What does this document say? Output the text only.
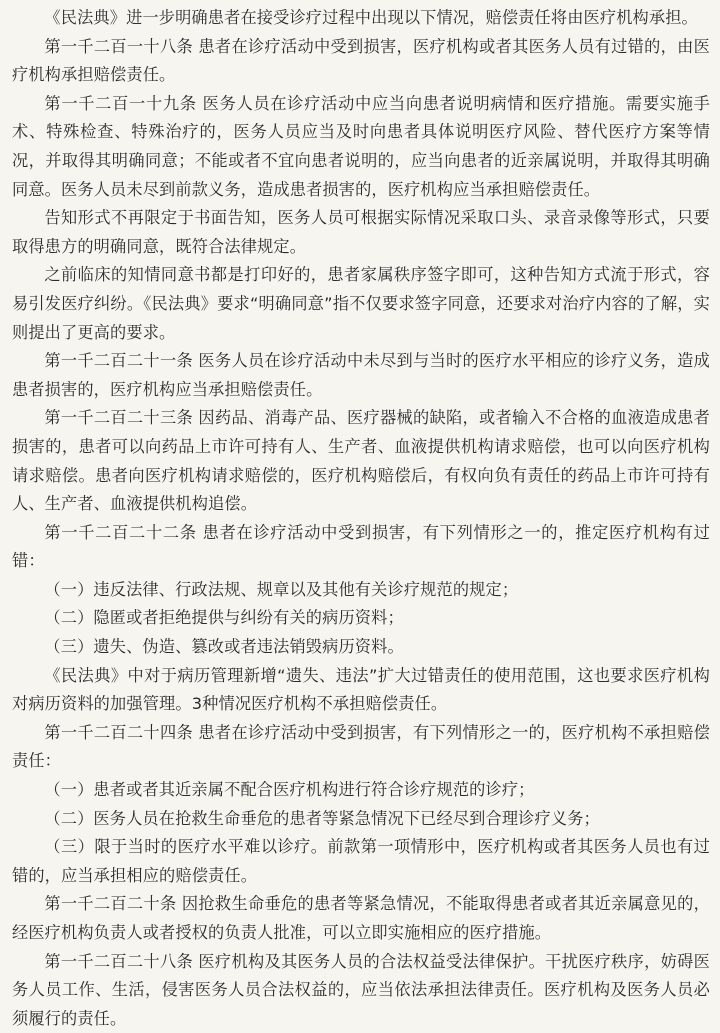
《民法典》进一步明确患者在接受诊疗过程中出现以下情况，赔偿责任将由医疗机构承担。

第一千二百一十八条 患者在诊疗活动中受到损害，医疗机构或者其医务人员有过错的，由医疗机构承担赔偿责任。

第一千二百一十九条 医务人员在诊疗活动中应当向患者说明病情和医疗措施。需要实施手术、特殊检查、特殊治疗的，医务人员应当及时向患者具体说明医疗风险、替代医疗方案等情况，并取得其明确同意；不能或者不宜向患者说明的，应当向患者的近亲属说明，并取得其明确同意。医务人员未尽到前款义务，造成患者损害的，医疗机构应当承担赔偿责任。

告知形式不再限定于书面告知，医务人员可根据实际情况采取口头、录音录像等形式，只要取得患方的明确同意，既符合法律规定。

之前临床的知情同意书都是打印好的，患者家属秩序签字即可，这种告知方式流于形式，容易引发医疗纠纷。《民法典》要求“明确同意”指不仅要求签字同意，还要求对治疗内容的了解，实则提出了更高的要求。

第一千二百二十一条 医务人员在诊疗活动中未尽到与当时的医疗水平相应的诊疗义务，造成患者损害的，医疗机构应当承担赔偿责任。

第一千二百二十三条 因药品、消毒产品、医疗器械的缺陷，或者输入不合格的血液造成患者损害的，患者可以向药品上市许可持有人、生产者、血液提供机构请求赔偿，也可以向医疗机构请求赔偿。患者向医疗机构请求赔偿的，医疗机构赔偿后，有权向负有责任的药品上市许可持有人、生产者、血液提供机构追偿。

第一千二百二十二条 患者在诊疗活动中受到损害，有下列情形之一的，推定医疗机构有过错：

（一）违反法律、行政法规、规章以及其他有关诊疗规范的规定；

（二）隐匿或者拒绝提供与纠纷有关的病历资料；

（三）遗失、伪造、篡改或者违法销毁病历资料。

《民法典》中对于病历管理新增“遗失、违法”扩大过错责任的使用范围，这也要求医疗机构对病历资料的加强管理。3种情况医疗机构不承担赔偿责任。

第一千二百二十四条 患者在诊疗活动中受到损害，有下列情形之一的，医疗机构不承担赔偿责任：

（一）患者或者其近亲属不配合医疗机构进行符合诊疗规范的诊疗；

（二）医务人员在抢救生命垂危的患者等紧急情况下已经尽到合理诊疗义务；

（三）限于当时的医疗水平难以诊疗。前款第一项情形中，医疗机构或者其医务人员也有过错的，应当承担相应的赔偿责任。

第一千二百二十条 因抢救生命垂危的患者等紧急情况，不能取得患者或者其近亲属意见的，经医疗机构负责人或者授权的负责人批准，可以立即实施相应的医疗措施。

第一千二百二十八条 医疗机构及其医务人员的合法权益受法律保护。干扰医疗秩序，妨碍医务人员工作、生活，侵害医务人员合法权益的，应当依法承担法律责任。医疗机构及医务人员必须履行的责任。
